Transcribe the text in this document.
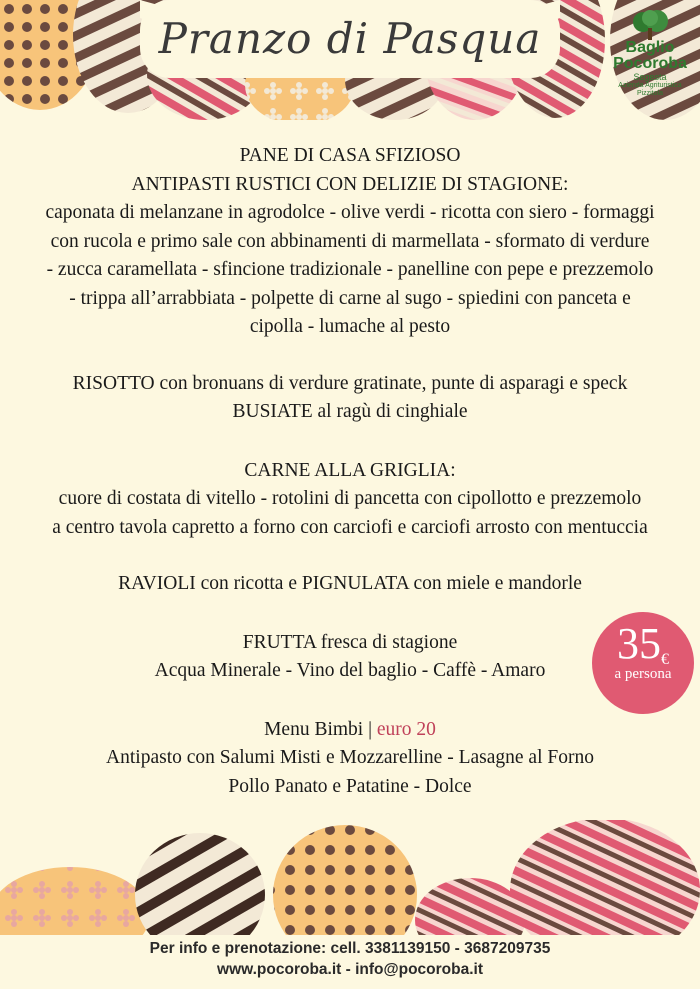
Pranzo di Pasqua	Baglio
Pocoroba
Segesta
Azienda Agrituristica
Pizzitola

PANE DI CASA SFIZIOSO

ANTIPASTI RUSTICI CON DELIZIE DI STAGIONE:

caponata di melanzane in agrodolce - olive verdi - ricotta con siero - formaggi

con rucola e primo sale con abbinamenti di marmellata - sformato di verdure

- zucca caramellata - sfincione tradizionale - panelline con pepe e prezzemolo

- trippa all’arrabbiata - polpette di carne al sugo - spiedini con panceta e

cipolla - lumache al pesto

RISOTTO con bronuans di verdure gratinate, punte di asparagi e speck

BUSIATE al ragù di cinghiale

CARNE ALLA GRIGLIA:

cuore di costata di vitello - rotolini di pancetta con cipollotto e prezzemolo

a centro tavola capretto a forno con carciofi e carciofi arrosto con mentuccia

RAVIOLI con ricotta e PIGNULATA con miele e mandorle

FRUTTA fresca di stagione

Acqua Minerale - Vino del baglio - Caffè - Amaro

Menu Bimbi | euro 20

Antipasto con Salumi Misti e Mozzarelline - Lasagne al Forno

Pollo Panato e Patatine - Dolce

35€
a persona
Per info e prenotazione: cell. 3381139150 - 3687209735
www.pocoroba.it - info@pocoroba.it
